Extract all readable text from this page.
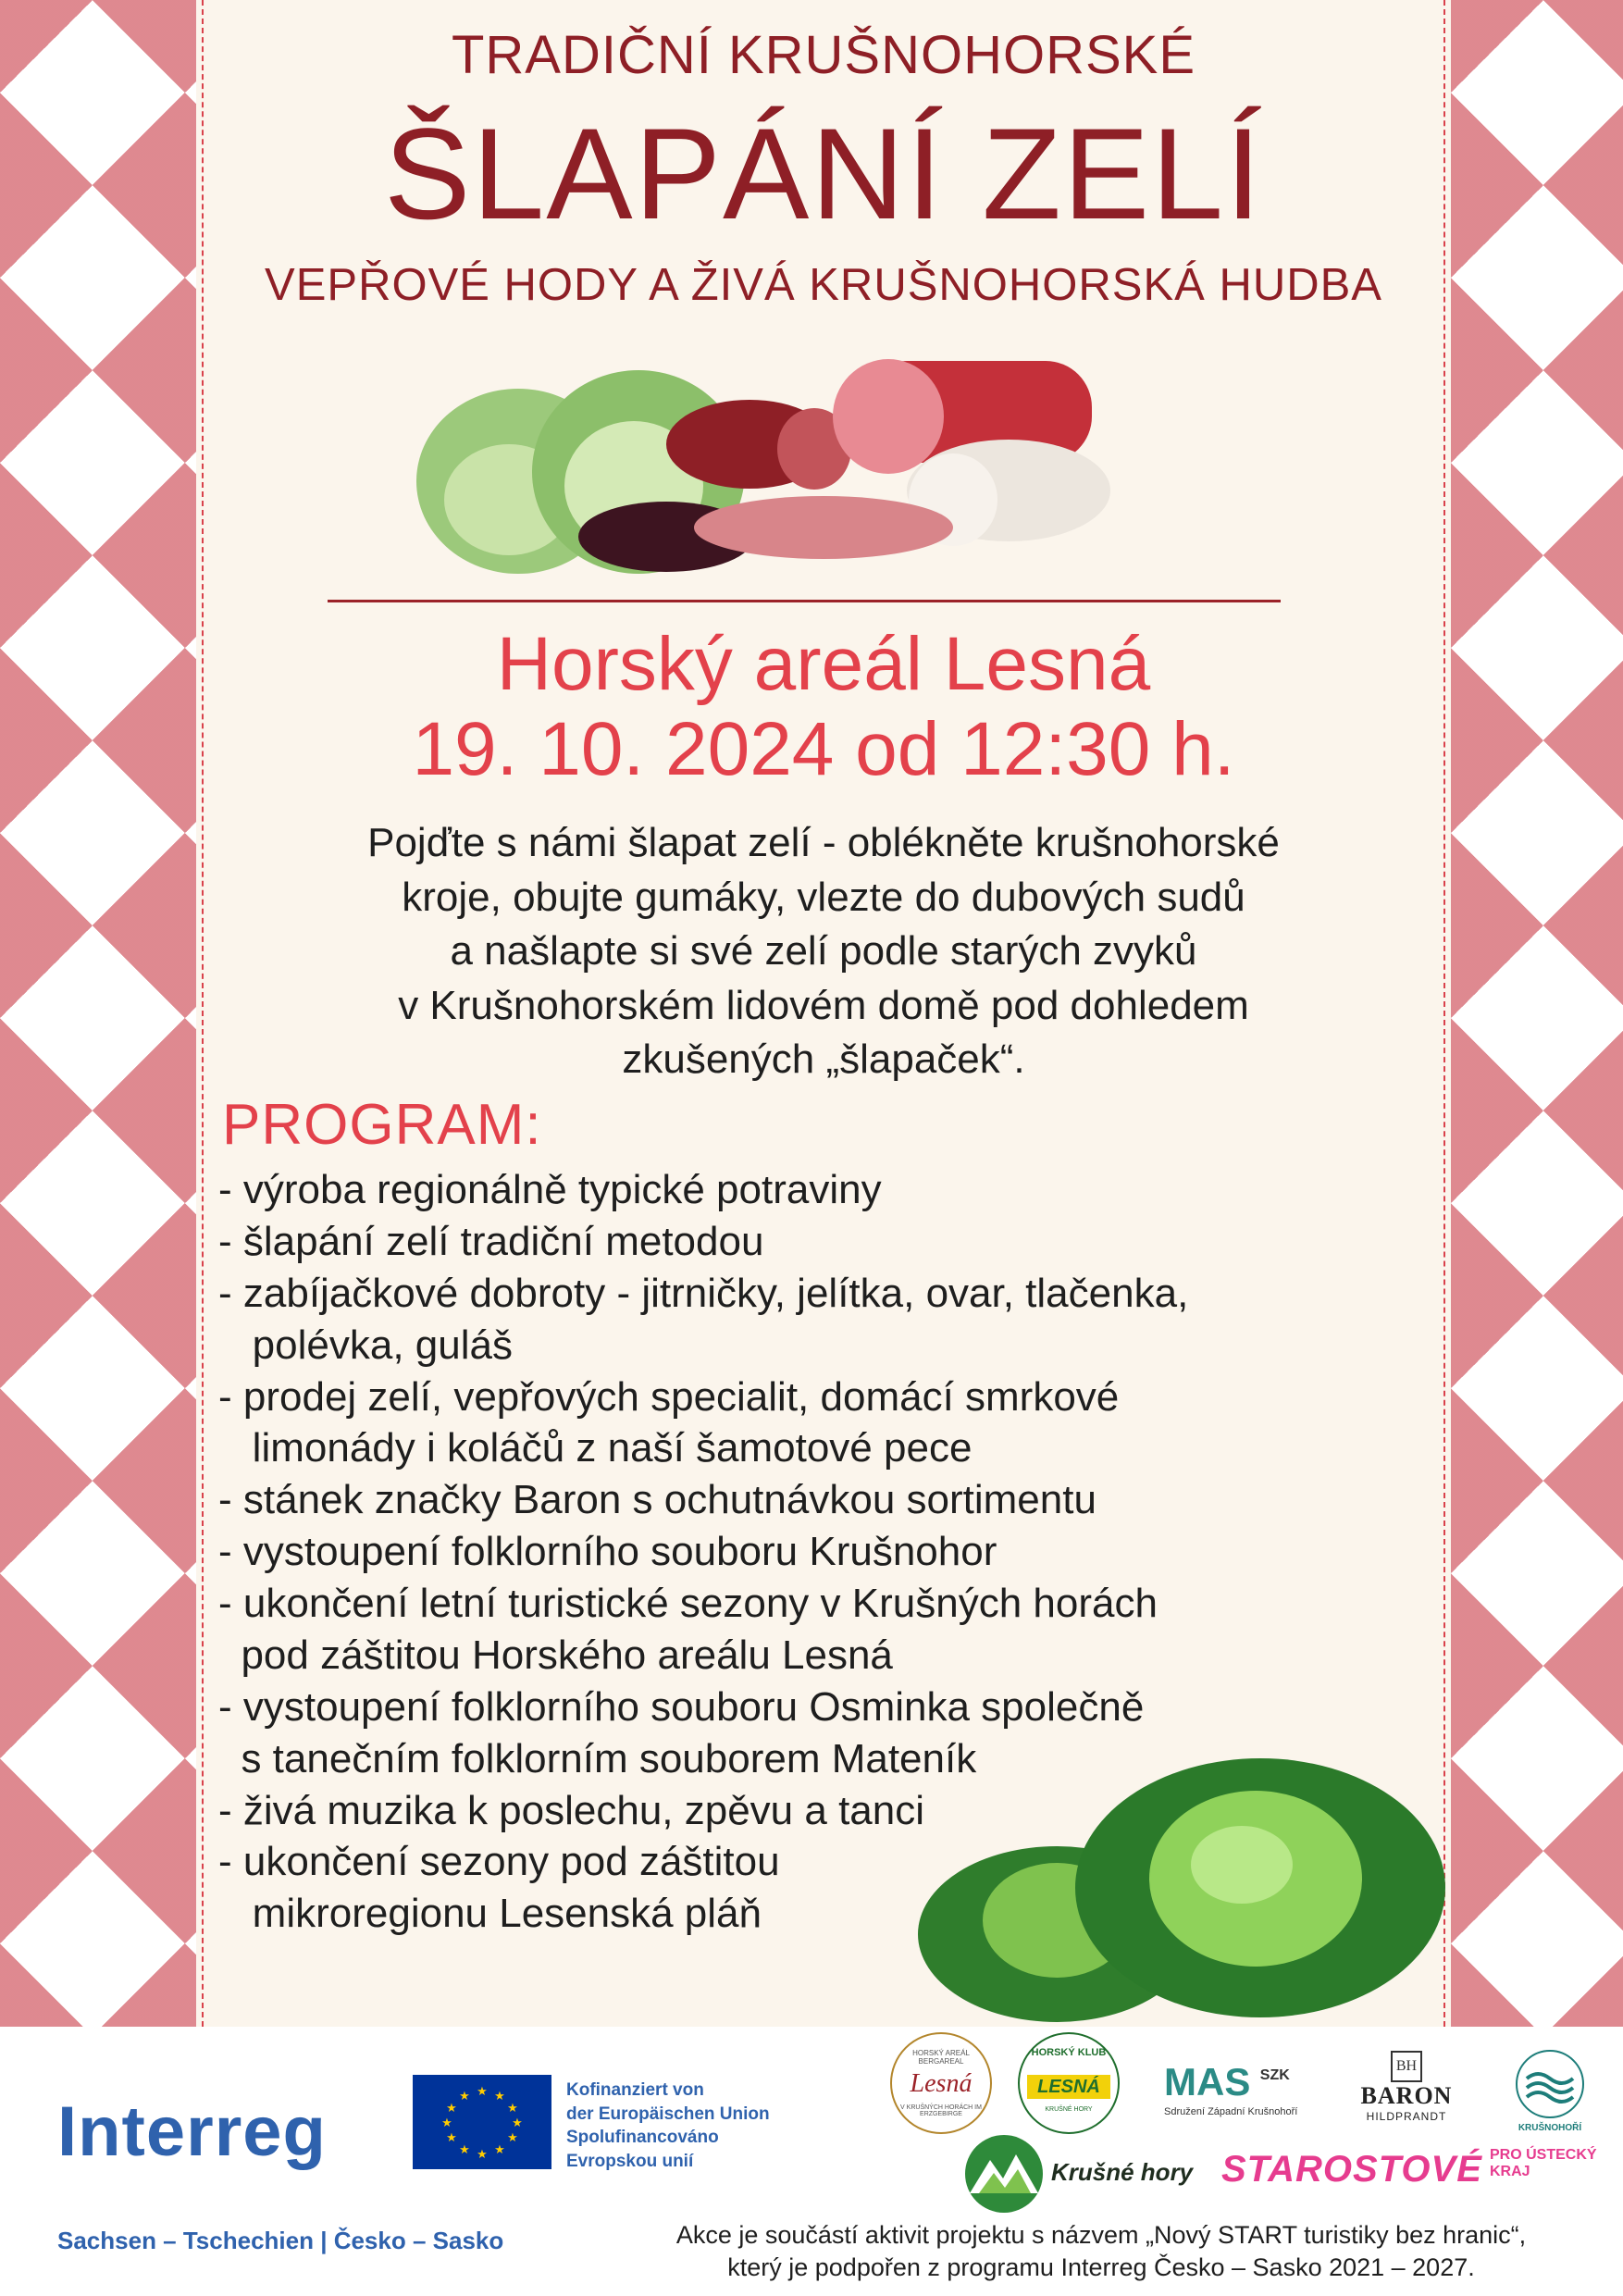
TRADIČNÍ KRUŠNOHORSKÉ
ŠLAPÁNÍ ZELÍ
VEPŘOVÉ HODY A ŽIVÁ KRUŠNOHORSKÁ HUDBA
Horský areál Lesná
19. 10. 2024 od 12:30 h.
Pojďte s námi šlapat zelí - oblékněte krušnohorské
kroje, obujte gumáky, vlezte do dubových sudů
a našlapte si své zelí podle starých zvyků
v Krušnohorském lidovém domě pod dohledem
zkušených „šlapaček“.
PROGRAM:
- výroba regionálně typické potraviny
- šlapání zelí tradiční metodou
- zabíjačkové dobroty - jitrničky, jelítka, ovar, tlačenka,
polévka, guláš
- prodej zelí, vepřových specialit, domácí smrkové
limonády i koláčů z naší šamotové pece
- stánek značky Baron s ochutnávkou sortimentu
- vystoupení folklorního souboru Krušnohor
- ukončení letní turistické sezony v Krušných horách
pod záštitou Horského areálu Lesná
- vystoupení folklorního souboru Osminka společně
s tanečním folklorním souborem Mateník
- živá muzika k poslechu, zpěvu a tanci
- ukončení sezony pod záštitou
mikroregionu Lesenská pláň
Interreg
Sachsen – Tschechien | Česko – Sasko
★ ★
★
★
★
★
★
★
★
★
★
★	Kofinanziert von
der Europäischen Union
Spolufinancováno
Evropskou unií
HORSKÝ AREÁL BERGAREAL
Lesná
V KRUŠNÝCH HORÁCH IM ERZGEBIRGE
HORSKÝ KLUB
LESNÁ
KRUŠNÉ HORY
MAS SZK
Sdružení Západní Krušnohoří
BH
BARON
HILDPRANDT
KRUŠNOHOŘÍ
Krušné hory STAROSTOVÉ PRO ÚSTECKÝ
KRAJ
Akce je součástí aktivit projektu s názvem „Nový START turistiky bez hranic“,
který je podpořen z programu Interreg Česko – Sasko 2021 – 2027.
